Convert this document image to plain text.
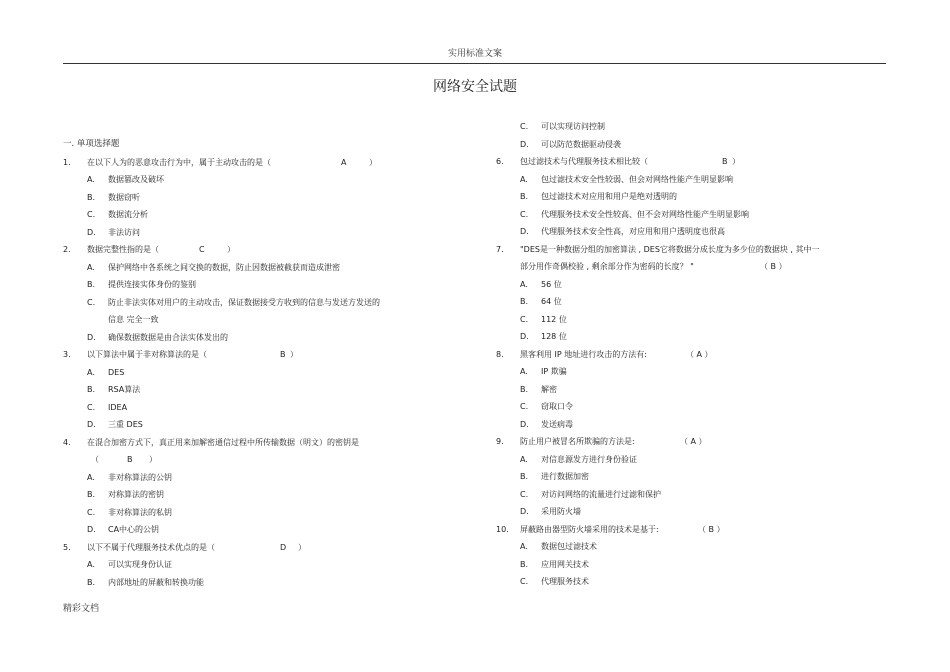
实用标准文案
网络安全试题
一. 单项选择题
1. 在以下人为的恶意攻击行为中，属于主动攻击的是（	A	）
A. 数据篡改及破坏
B. 数据窃听
C. 数据流分析
D. 非法访问
2. 数据完整性指的是（	C	）
A. 保护网络中各系统之间交换的数据，防止因数据被截获而造成泄密
B. 提供连接实体身份的鉴别
C. 防止非法实体对用户的主动攻击，保证数据接受方收到的信息与发送方发送的
信息 完全一致
D. 确保数据数据是由合法实体发出的
3. 以下算法中属于非对称算法的是（	B ）
A. DES
B. RSA算法
C. IDEA
D. 三重 DES
4. 在混合加密方式下，真正用来加解密通信过程中所传输数据（明文）的密钥是
（	B ）
A. 非对称算法的公钥
B. 对称算法的密钥
C. 非对称算法的私钥
D. CA中心的公钥
5. 以下不属于代理服务技术优点的是（	D ）
A. 可以实现身份认证
B. 内部地址的屏蔽和转换功能
C. 可以实现访问控制
D. 可以防范数据驱动侵袭
6. 包过滤技术与代理服务技术相比较（	B ）
A. 包过滤技术安全性较弱、但会对网络性能产生明显影响
B. 包过滤技术对应用和用户是绝对透明的
C. 代理服务技术安全性较高、但不会对网络性能产生明显影响
D. 代理服务技术安全性高，对应用和用户透明度也很高
7. "DES是一种数据分组的加密算法 , DES它将数据分成长度为多少位的数据块 , 其中一
部分用作奇偶校验 , 剩余部分作为密码的长度？ "	（ B ）
A. 56 位
B. 64 位
C. 112 位
D. 128 位
8. 黑客利用 IP 地址进行攻击的方法有:	（ A ）
A. IP 欺骗
B. 解密
C. 窃取口令
D. 发送病毒
9. 防止用户被冒名所欺骗的方法是:	（ A ）
A. 对信息源发方进行身份验证
B. 进行数据加密
C. 对访问网络的流量进行过滤和保护
D. 采用防火墙
10. 屏蔽路由器型防火墙采用的技术是基于:	（ B ）
A. 数据包过滤技术
B. 应用网关技术
C. 代理服务技术
精彩文档
